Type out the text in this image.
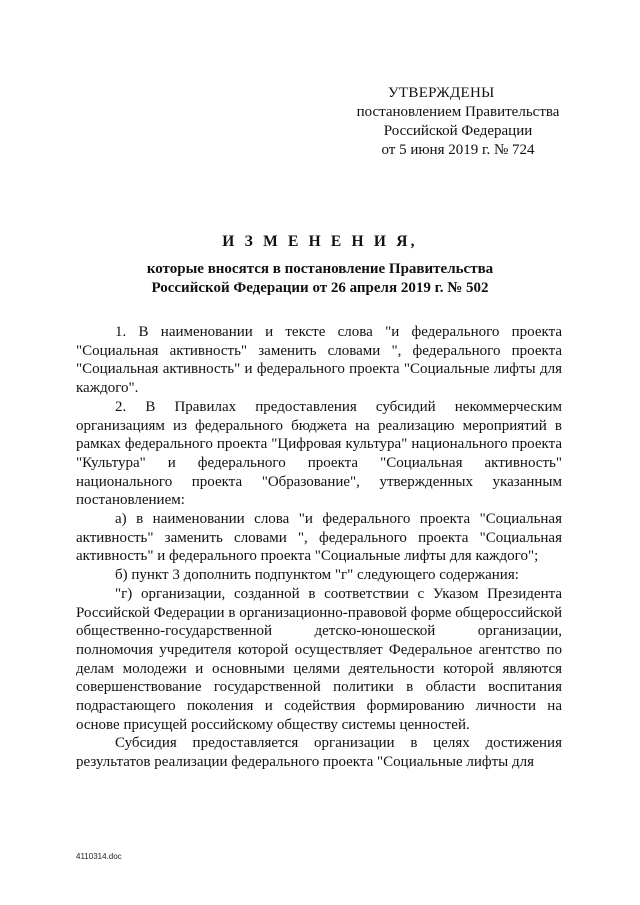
УТВЕРЖДЕНЫ
постановлением Правительства
Российской Федерации
от 5 июня 2019 г. № 724
И З М Е Н Е Н И Я,
которые вносятся в постановление Правительства
Российской Федерации от 26 апреля 2019 г. № 502

1. В наименовании и тексте слова "и федерального проекта "Социальная активность" заменить словами ", федерального проекта "Социальная активность" и федерального проекта "Социальные лифты для каждого".

2. В Правилах предоставления субсидий некоммерческим организациям из федерального бюджета на реализацию мероприятий в рамках федерального проекта "Цифровая культура" национального проекта "Культура" и федерального проекта "Социальная активность" национального проекта "Образование", утвержденных указанным постановлением:

а) в наименовании слова "и федерального проекта "Социальная активность" заменить словами ", федерального проекта "Социальная активность" и федерального проекта "Социальные лифты для каждого";

б) пункт 3 дополнить подпунктом "г" следующего содержания:

"г) организации, созданной в соответствии с Указом Президента Российской Федерации в организационно-правовой форме общероссийской общественно-государственной детско-юношеской организации, полномочия учредителя которой осуществляет Федеральное агентство по делам молодежи и основными целями деятельности которой являются совершенствование государственной политики в области воспитания подрастающего поколения и содействия формированию личности на основе присущей российскому обществу системы ценностей.

Субсидия предоставляется организации в целях достижения результатов реализации федерального проекта "Социальные лифты для

4110314.doc
